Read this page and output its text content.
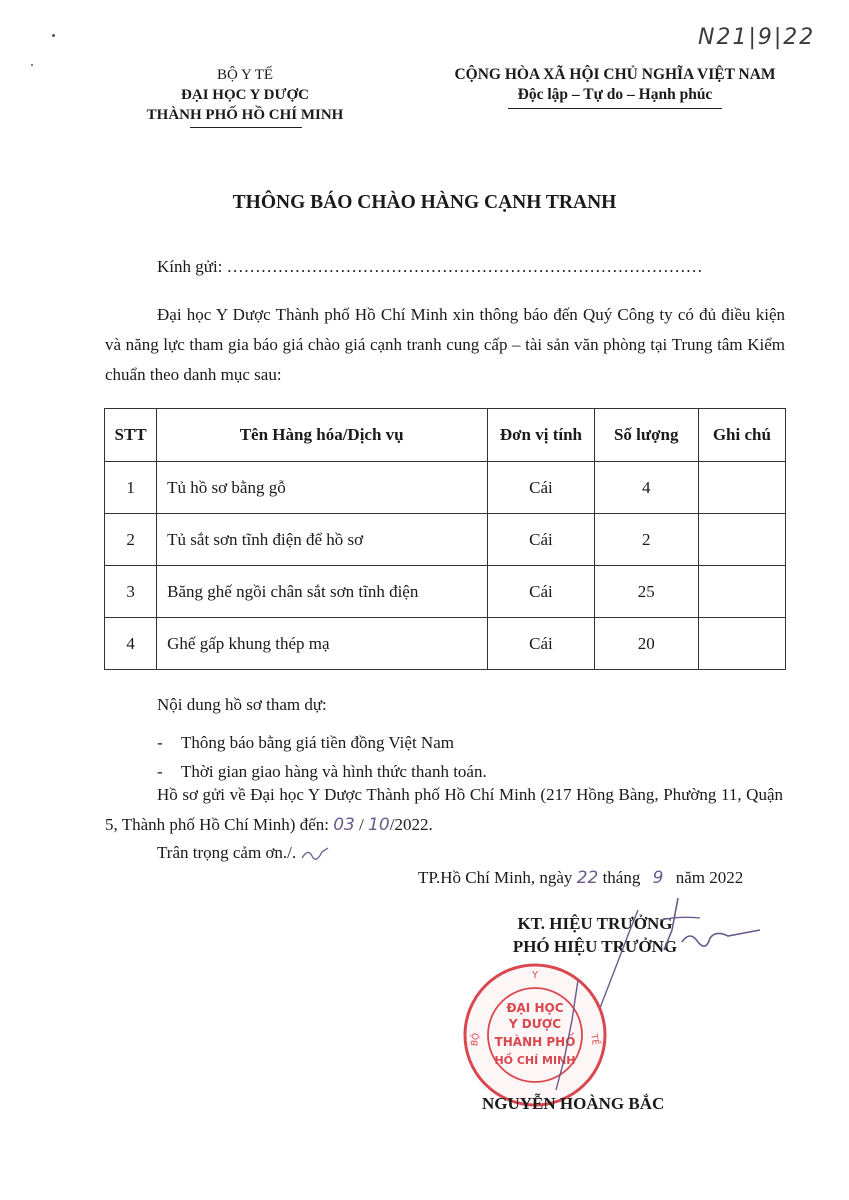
N21|9|22
BỘ Y TẾ
ĐẠI HỌC Y DƯỢC
THÀNH PHỐ HỒ CHÍ MINH
CỘNG HÒA XÃ HỘI CHỦ NGHĨA VIỆT NAM
Độc lập – Tự do – Hạnh phúc
THÔNG BÁO CHÀO HÀNG CẠNH TRANH
Kính gửi: …………………………………………………………………………
Đại học Y Dược Thành phố Hồ Chí Minh xin thông báo đến Quý Công ty có đủ điều kiện và năng lực tham gia báo giá chào giá cạnh tranh cung cấp – tài sản văn phòng tại Trung tâm Kiểm chuẩn theo danh mục sau:
STT	Tên Hàng hóa/Dịch vụ	Đơn vị tính	Số lượng	Ghi chú
1	Tủ hồ sơ bằng gỗ	Cái	4	
2	Tủ sắt sơn tĩnh điện để hồ sơ	Cái	2	
3	Băng ghế ngồi chân sắt sơn tĩnh điện	Cái	25	
4	Ghế gấp khung thép mạ	Cái	20	
Nội dung hồ sơ tham dự:
- Thông báo bằng giá tiền đồng Việt Nam
- Thời gian giao hàng và hình thức thanh toán.
Hồ sơ gửi về Đại học Y Dược Thành phố Hồ Chí Minh (217 Hồng Bàng, Phường 11, Quận 5, Thành phố Hồ Chí Minh) đến: 03 / 10/2022.
Trân trọng cảm ơn./.
TP.Hồ Chí Minh, ngày 22 tháng 9 năm 2022
KT. HIỆU TRƯỞNG
PHÓ HIỆU TRƯỞNG
Y
ĐẠI HỌC
Y DƯỢC
THÀNH PHỐ
HỒ CHÍ MINH
BỘ	TẾ
NGUYỄN HOÀNG BẮC
